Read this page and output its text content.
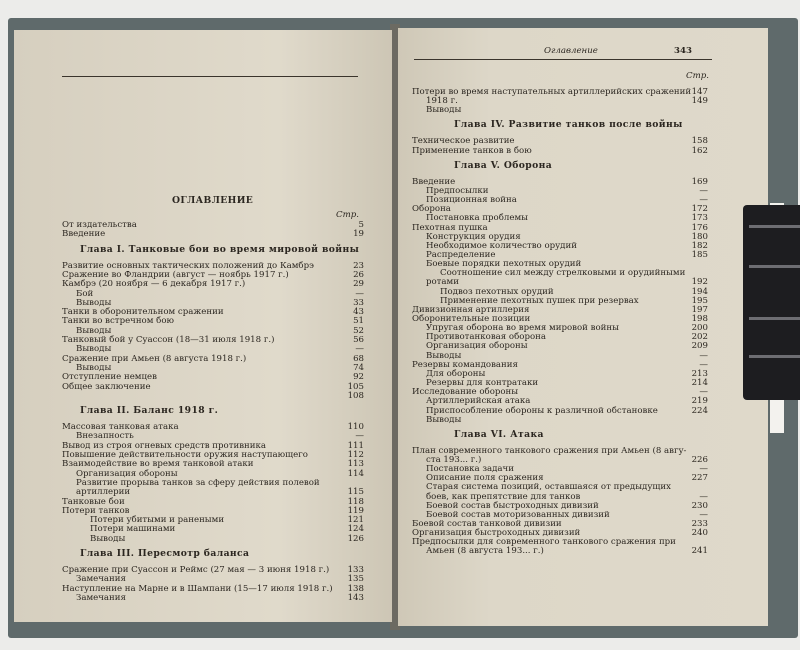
ОГЛАВЛЕНИЕ
Стр.
От издательства	5
Введение	19
Глава I. Танковые бои во время мировой войны
Развитие основных тактических положений до Камбрэ	23
Сражение во Фландрии (август — ноябрь 1917 г.)	26
Камбрэ (20 ноября — 6 декабря 1917 г.)	29
Бой	—
Выводы	33
Танки в оборонительном сражении	43
Танки во встречном бою	51
Выводы	52
Танковый бой у Суассон (18—31 июля 1918 г.)	56
Выводы	—
Сражение при Амьен (8 августа 1918 г.)	68
Выводы	74
Отступление немцев	92
Общее заключение	105
108
Глава II. Баланс 1918 г.
Массовая танковая атака	110
Внезапность	—
Вывод из строя огневых средств противника	111
Повышение действительности оружия наступающего	112
Взаимодействие во время танковой атаки	113
Организация обороны	114
Развитие прорыва танков за сферу действия полевой
артиллерии	115
Танковые бои	118
Потери танков	119
Потери убитыми и ранеными	121
Потери машинами	124
Выводы	126
Глава III. Пересмотр баланса
Сражение при Суассон и Реймс (27 мая — 3 июня 1918 г.)	133
Замечания	135
Наступление на Марне и в Шампани (15—17 июля 1918 г.)	138
Замечания	143
Оглавление	343
Стр.
Потери во время наступательных артиллерийских сражений 147
1918 г.	149
Выводы
Глава IV. Развитие танков после войны
Техническое развитие	158
Применение танков в бою	162
Глава V. Оборона
Введение	169
Предпосылки	—
Позиционная война	—
Оборона	172
Постановка проблемы	173
Пехотная пушка	176
Конструкция орудия	180
Необходимое количество орудий	182
Распределение	185
Боевые порядки пехотных орудий
Соотношение сил между стрелковыми и орудийными
ротами	192
Подвоз пехотных орудий	194
Применение пехотных пушек при резервах	195
Дивизионная артиллерия	197
Оборонительные позиции	198
Упругая оборона во время мировой войны	200
Противотанковая оборона	202
Организация обороны	209
Выводы	—
Резервы командования	—
Для обороны	213
Резервы для контратаки	214
Исследование обороны	—
Артиллерийская атака	219
Приспособление обороны к различной обстановке	224
Выводы
Глава VI. Атака
План современного танкового сражения при Амьен (8 авгу-
ста 193... г.)	226
Постановка задачи	—
Описание поля сражения	227
Старая система позиций, оставшаяся от предыдущих
боев, как препятствие для танков	—
Боевой состав быстроходных дивизий	230
Боевой состав моторизованных дивизий	—
Боевой состав танковой дивизии	233
Организация быстроходных дивизий	240
Предпосылки для современного танкового сражения при
Амьен (8 августа 193... г.)	241
